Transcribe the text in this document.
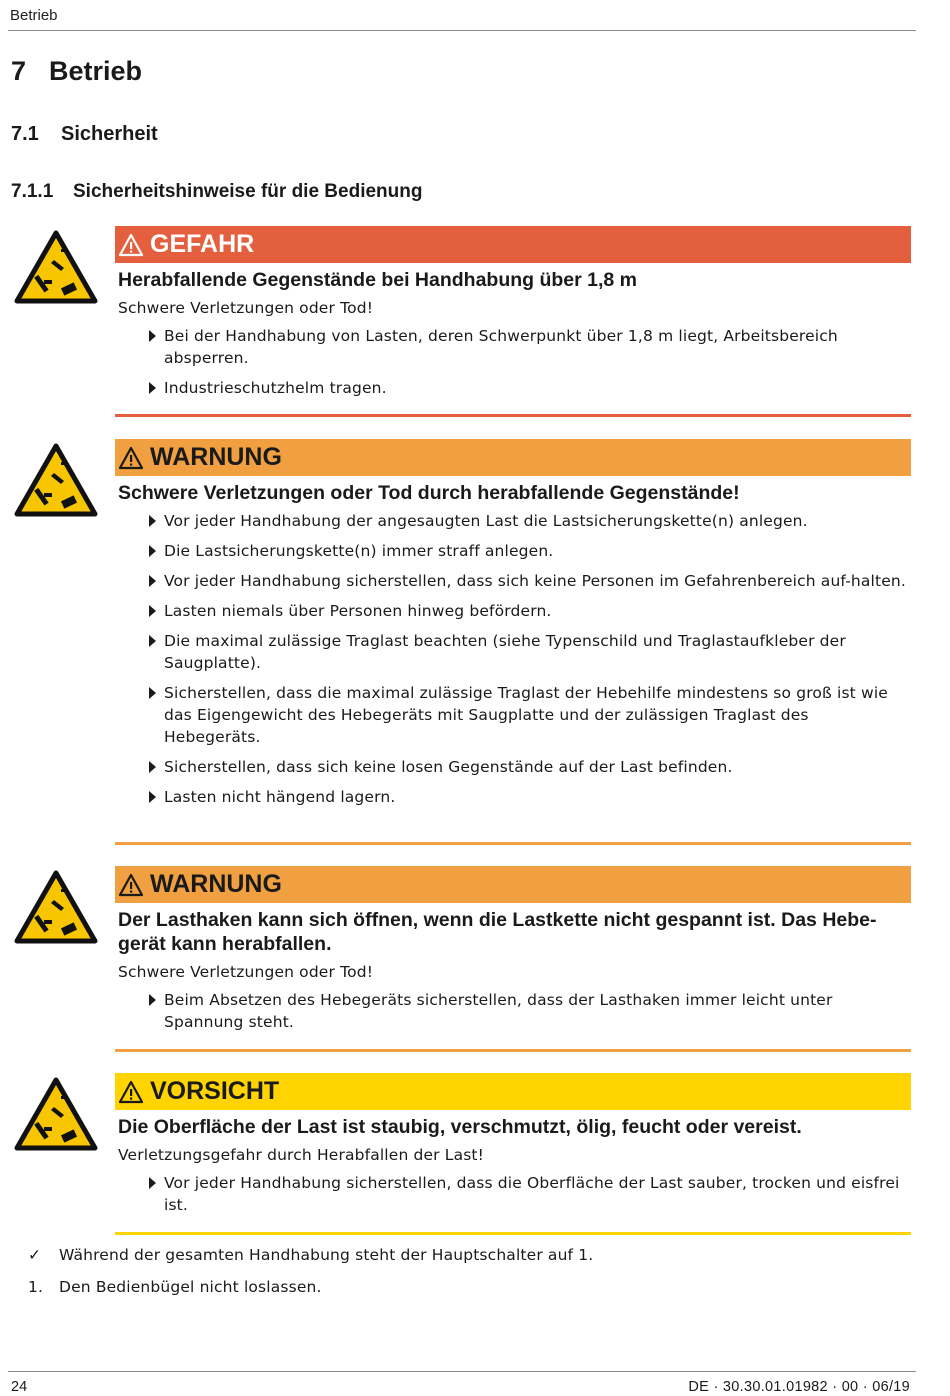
Betrieb
7 Betrieb
7.1 Sicherheit
7.1.1 Sicherheitshinweise für die Bedienung
GEFAHR
Herabfallende Gegenstände bei Handhabung über 1,8 m
Schwere Verletzungen oder Tod!
Bei der Handhabung von Lasten, deren Schwerpunkt über 1,8 m liegt, Arbeitsbereich absperren.
Industrieschutzhelm tragen.
WARNUNG
Schwere Verletzungen oder Tod durch herabfallende Gegenstände!
Vor jeder Handhabung der angesaugten Last die Lastsicherungskette(n) anlegen.
Die Lastsicherungskette(n) immer straff anlegen.
Vor jeder Handhabung sicherstellen, dass sich keine Personen im Gefahrenbereich auf-halten.
Lasten niemals über Personen hinweg befördern.
Die maximal zulässige Traglast beachten (siehe Typenschild und Traglastaufkleber der Saugplatte).
Sicherstellen, dass die maximal zulässige Traglast der Hebehilfe mindestens so groß ist wie das Eigengewicht des Hebegeräts mit Saugplatte und der zulässigen Traglast des Hebegeräts.
Sicherstellen, dass sich keine losen Gegenstände auf der Last befinden.
Lasten nicht hängend lagern.
WARNUNG
Der Lasthaken kann sich öffnen, wenn die Lastkette nicht gespannt ist. Das Hebe-gerät kann herabfallen.
Schwere Verletzungen oder Tod!
Beim Absetzen des Hebegeräts sicherstellen, dass der Lasthaken immer leicht unter Spannung steht.
VORSICHT
Die Oberfläche der Last ist staubig, verschmutzt, ölig, feucht oder vereist.
Verletzungsgefahr durch Herabfallen der Last!
Vor jeder Handhabung sicherstellen, dass die Oberfläche der Last sauber, trocken und eisfrei ist.
✓ Während der gesamten Handhabung steht der Hauptschalter auf 1.
1. Den Bedienbügel nicht loslassen.
24	DE · 30.30.01.01982 · 00 · 06/19
